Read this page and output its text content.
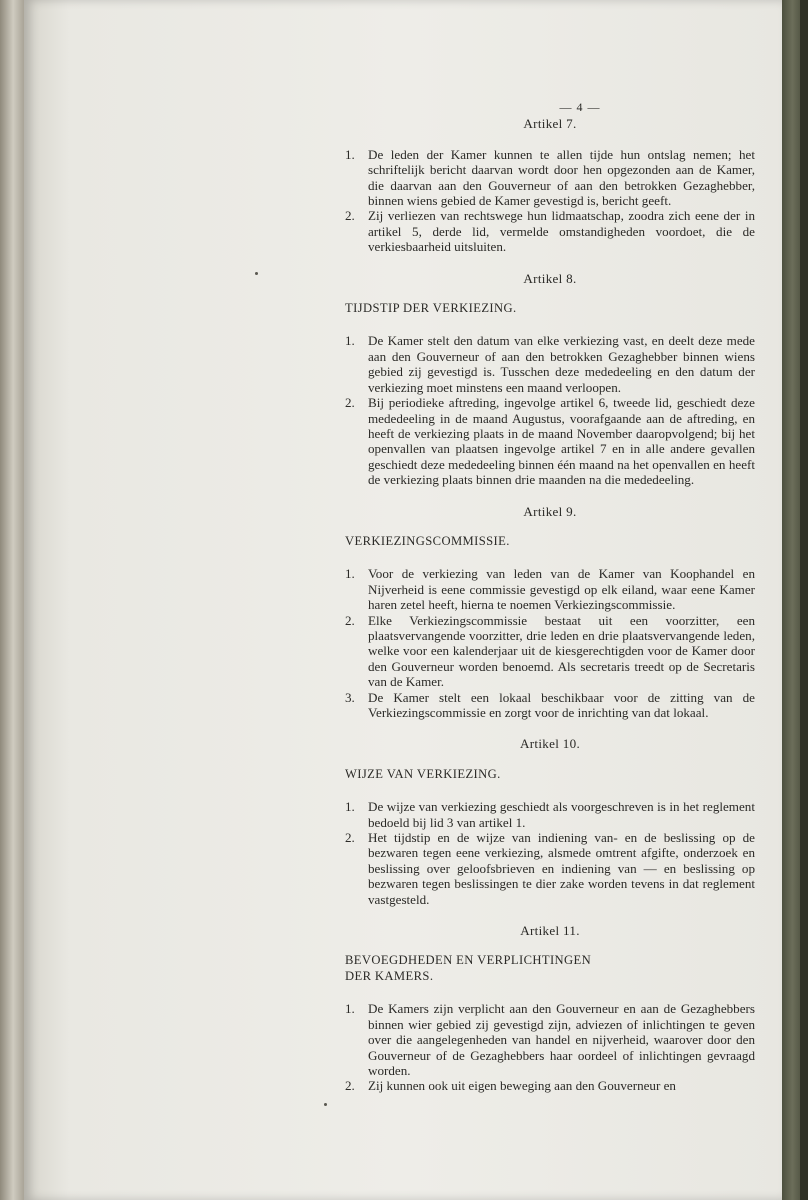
— 4 —
Artikel 7.
1. De leden der Kamer kunnen te allen tijde hun ontslag nemen; het schriftelijk bericht daarvan wordt door hen opgezonden aan de Kamer, die daarvan aan den Gouverneur of aan den betrokken Gezaghebber, binnen wiens gebied de Kamer gevestigd is, bericht geeft.
2. Zij verliezen van rechtswege hun lidmaatschap, zoodra zich eene der in artikel 5, derde lid, vermelde omstandigheden voordoet, die de verkiesbaarheid uitsluiten.
Artikel 8.
TIJDSTIP DER VERKIEZING.
1. De Kamer stelt den datum van elke verkiezing vast, en deelt deze mede aan den Gouverneur of aan den betrokken Gezaghebber binnen wiens gebied zij gevestigd is. Tusschen deze mededeeling en den datum der verkiezing moet minstens een maand verloopen.
2. Bij periodieke aftreding, ingevolge artikel 6, tweede lid, geschiedt deze mededeeling in de maand Augustus, voorafgaande aan de aftreding, en heeft de verkiezing plaats in de maand November daaropvolgend; bij het openvallen van plaatsen ingevolge artikel 7 en in alle andere gevallen geschiedt deze mededeeling binnen één maand na het openvallen en heeft de verkiezing plaats binnen drie maanden na die mededeeling.
Artikel 9.
VERKIEZINGSCOMMISSIE.
1. Voor de verkiezing van leden van de Kamer van Koophandel en Nijverheid is eene commissie gevestigd op elk eiland, waar eene Kamer haren zetel heeft, hierna te noemen Verkiezingscommissie.
2. Elke Verkiezingscommissie bestaat uit een voorzitter, een plaatsvervangende voorzitter, drie leden en drie plaatsvervangende leden, welke voor een kalenderjaar uit de kiesgerechtigden voor de Kamer door den Gouverneur worden benoemd. Als secretaris treedt op de Secretaris van de Kamer.
3. De Kamer stelt een lokaal beschikbaar voor de zitting van de Verkiezingscommissie en zorgt voor de inrichting van dat lokaal.
Artikel 10.
WIJZE VAN VERKIEZING.
1. De wijze van verkiezing geschiedt als voorgeschreven is in het reglement bedoeld bij lid 3 van artikel 1.
2. Het tijdstip en de wijze van indiening van- en de beslissing op de bezwaren tegen eene verkiezing, alsmede omtrent afgifte, onderzoek en beslissing over geloofsbrieven en indiening van — en beslissing op bezwaren tegen beslissingen te dier zake worden tevens in dat reglement vastgesteld.
Artikel 11.
BEVOEGDHEDEN EN VERPLICHTINGEN DER KAMERS.
1. De Kamers zijn verplicht aan den Gouverneur en aan de Gezaghebbers binnen wier gebied zij gevestigd zijn, adviezen of inlichtingen te geven over die aangelegenheden van handel en nijverheid, waarover door den Gouverneur of de Gezaghebbers haar oordeel of inlichtingen gevraagd worden.
2. Zij kunnen ook uit eigen beweging aan den Gouverneur en
